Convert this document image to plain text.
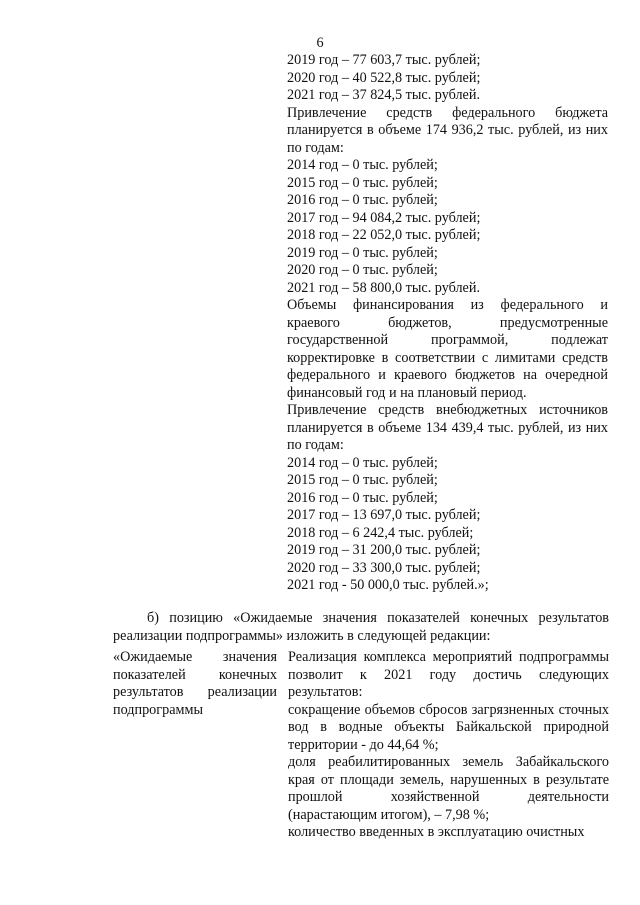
6
2019 год – 77 603,7 тыс. рублей;
2020 год – 40 522,8 тыс. рублей;
2021 год – 37 824,5 тыс. рублей.
Привлечение средств федерального бюджета планируется в объеме 174 936,2 тыс. рублей, из них по годам:
2014 год – 0 тыс. рублей;
2015 год – 0 тыс. рублей;
2016 год – 0 тыс. рублей;
2017 год – 94 084,2 тыс. рублей;
2018 год – 22 052,0 тыс. рублей;
2019 год – 0 тыс. рублей;
2020 год – 0 тыс. рублей;
2021 год – 58 800,0 тыс. рублей.
Объемы финансирования из федерального и краевого бюджетов, предусмотренные государственной программой, подлежат корректировке в соответствии с лимитами средств федерального и краевого бюджетов на очередной финансовый год и на плановый период.
Привлечение средств внебюджетных источников планируется в объеме 134 439,4 тыс. рублей, из них по годам:
2014 год – 0 тыс. рублей;
2015 год – 0 тыс. рублей;
2016 год – 0 тыс. рублей;
2017 год – 13 697,0 тыс. рублей;
2018 год – 6 242,4 тыс. рублей;
2019 год – 31 200,0 тыс. рублей;
2020 год – 33 300,0 тыс. рублей;
2021 год - 50 000,0 тыс. рублей.»;
б) позицию «Ожидаемые значения показателей конечных результатов реализации подпрограммы» изложить в следующей редакции:
«Ожидаемые значения показателей конечных результатов реализации подпрограммы
Реализация комплекса мероприятий подпрограммы позволит к 2021 году достичь следующих результатов:
сокращение объемов сбросов загрязненных сточных вод в водные объекты Байкальской природной территории - до 44,64 %;
доля реабилитированных земель Забайкальского края от площади земель, нарушенных в результате прошлой хозяйственной деятельности (нарастающим итогом), – 7,98 %;
количество введенных в эксплуатацию очистных
